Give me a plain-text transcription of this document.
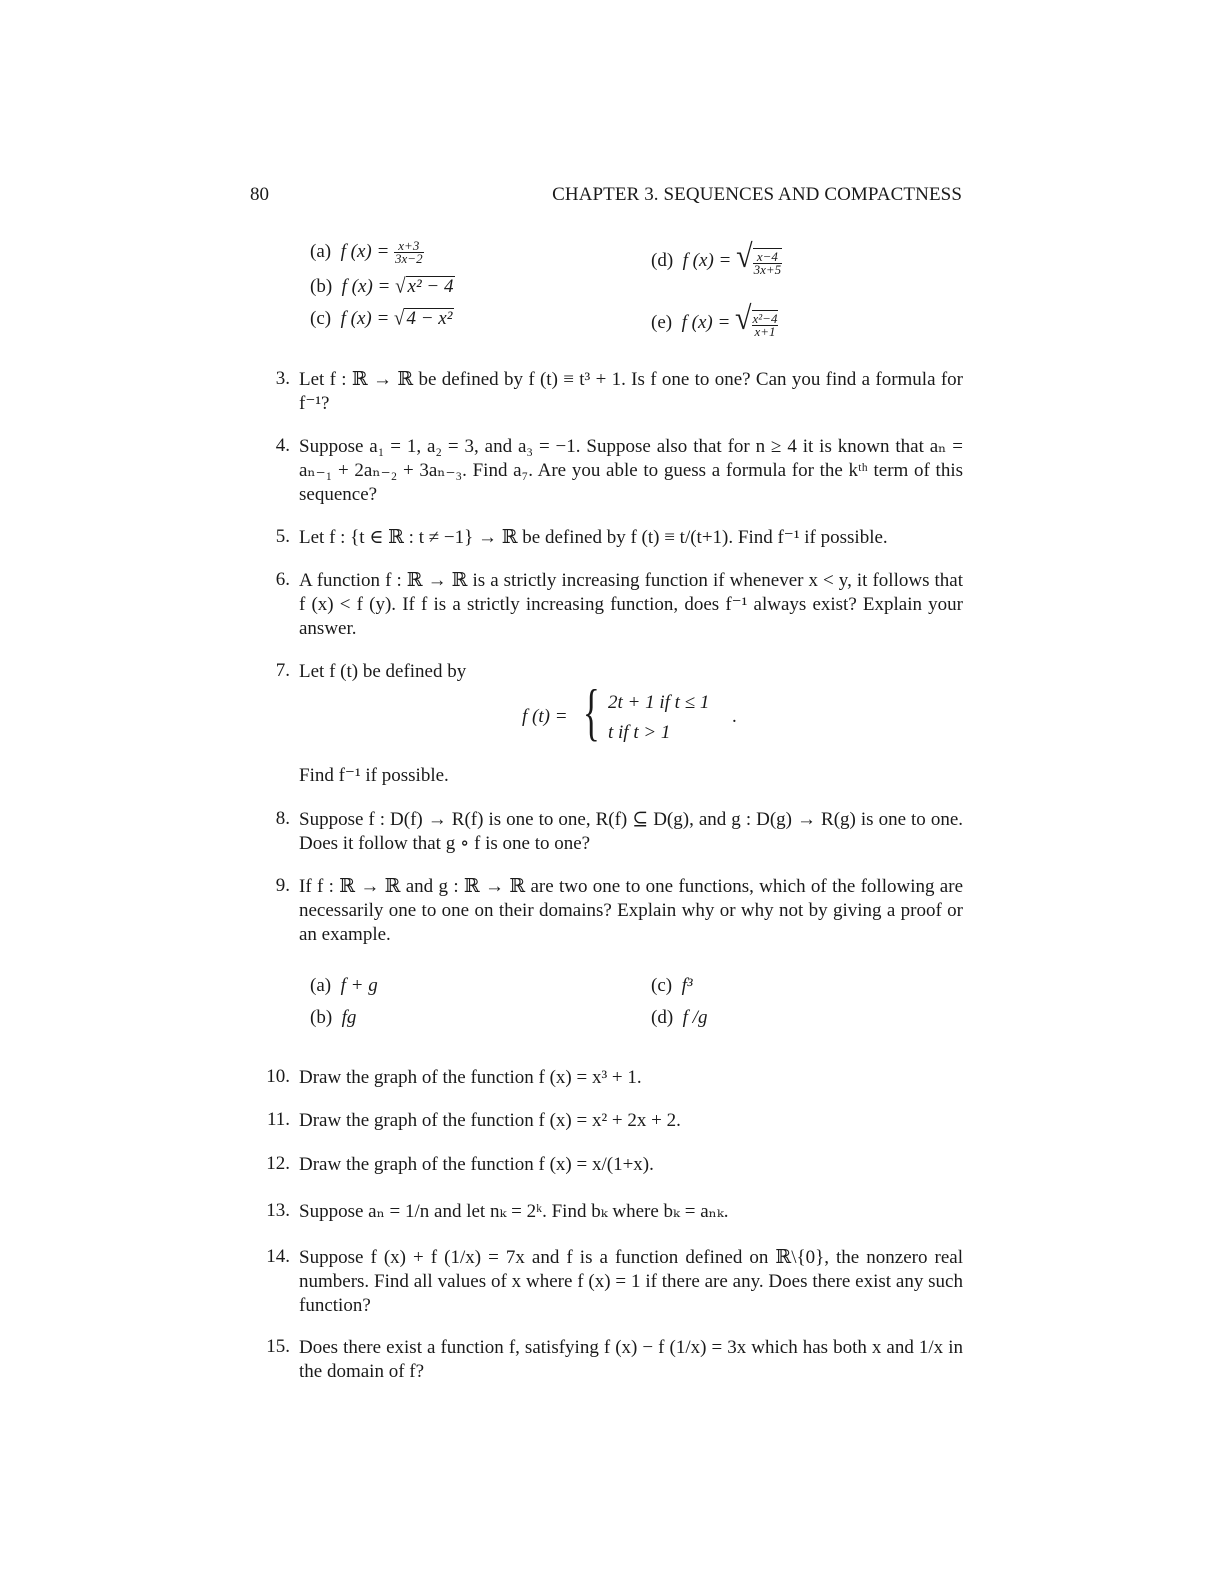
80	CHAPTER 3. SEQUENCES AND COMPACTNESS
(a) f $(x) = \frac{x+3}{3x-2}$
(b) f (x) = √ x² − 4
(c) f (x) = √ 4 − x²
(d) f (x) = √ $\frac{x-4}{3x+5}$
(e) f (x) = √ $\frac{\text{x²−4}}{x+1}$
3. Let f : ℝ → ℝ be defined by f (t) ≡ t³ + 1. Is f one to one? Can you find a formula for f⁻¹?
4. Suppose a₁ = 1, a₂ = 3, and a₃ = −1. Suppose also that for n ≥ 4 it is known that aₙ = aₙ₋₁ + 2aₙ₋₂ + 3aₙ₋₃. Find a₇. Are you able to guess a formula for the kᵗʰ term of this sequence?
5. Let f : {t ∈ ℝ : t ≠ −1} → ℝ be defined by f (t) ≡ t/(t+1). Find f⁻¹ if possible.
6. A function f : ℝ → ℝ is a strictly increasing function if whenever x < y, it follows that f (x) < f (y). If f is a strictly increasing function, does f⁻¹ always exist? Explain your answer.
7. Let f (t) be defined by
f (t) = { 2t + 1 if t ≤ 1
t if t > 1
.
Find f⁻¹ if possible.
8. Suppose f : D(f) → R(f) is one to one, R(f) ⊆ D(g), and g : D(g) → R(g) is one to one. Does it follow that g ∘ f is one to one?
9. If f : ℝ → ℝ and g : ℝ → ℝ are two one to one functions, which of the following are necessarily one to one on their domains? Explain why or why not by giving a proof or an example.
(a) f + g
(b) fg
(c) f³
(d) f /g
10. Draw the graph of the function f (x) = x³ + 1.
11. Draw the graph of the function f (x) = x² + 2x + 2.
12. Draw the graph of the function f (x) = x/(1+x).
13. Suppose aₙ = 1/n and let nₖ = 2ᵏ. Find bₖ where bₖ = aₙₖ.
14. Suppose f (x) + f (1/x) = 7x and f is a function defined on ℝ\{0}, the nonzero real numbers. Find all values of x where f (x) = 1 if there are any. Does there exist any such function?
15. Does there exist a function f, satisfying f (x) − f (1/x) = 3x which has both x and 1/x in the domain of f?
